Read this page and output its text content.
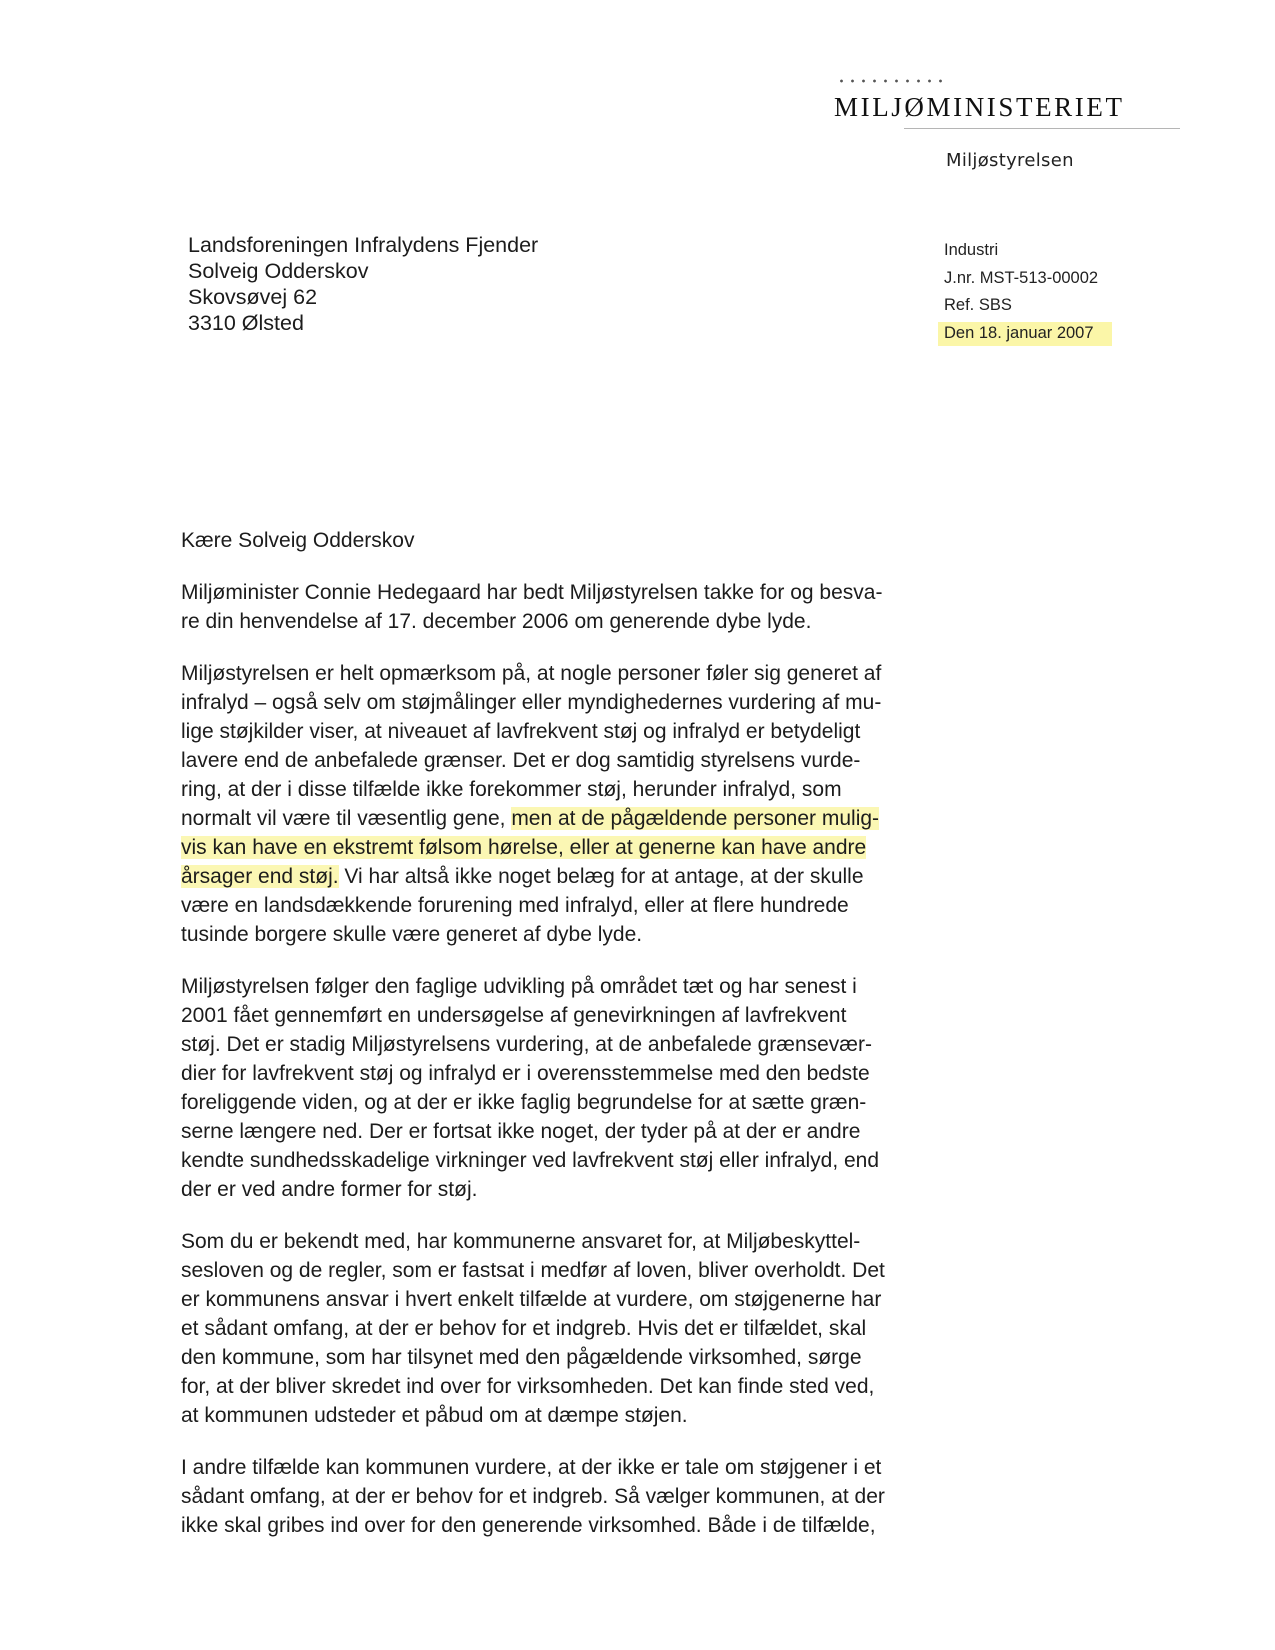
MILJØMINISTERIET
Miljøstyrelsen
Landsforeningen Infralydens Fjender
Solveig Odderskov
Skovsøvej 62
3310 Ølsted
Industri
J.nr. MST-513-00002
Ref. SBS
Den 18. januar 2007
Kære Solveig Odderskov
Miljøminister Connie Hedegaard har bedt Miljøstyrelsen takke for og besva-
re din henvendelse af 17. december 2006 om generende dybe lyde.
Miljøstyrelsen er helt opmærksom på, at nogle personer føler sig generet af
infralyd – også selv om støjmålinger eller myndighedernes vurdering af mu-
lige støjkilder viser, at niveauet af lavfrekvent støj og infralyd er betydeligt
lavere end de anbefalede grænser. Det er dog samtidig styrelsens vurde-
ring, at der i disse tilfælde ikke forekommer støj, herunder infralyd, som
normalt vil være til væsentlig gene, men at de pågældende personer mulig-
vis kan have en ekstremt følsom hørelse, eller at generne kan have andre
årsager end støj. Vi har altså ikke noget belæg for at antage, at der skulle
være en landsdækkende forurening med infralyd, eller at flere hundrede
tusinde borgere skulle være generet af dybe lyde.
Miljøstyrelsen følger den faglige udvikling på området tæt og har senest i
2001 fået gennemført en undersøgelse af genevirkningen af lavfrekvent
støj. Det er stadig Miljøstyrelsens vurdering, at de anbefalede grænsevær-
dier for lavfrekvent støj og infralyd er i overensstemmelse med den bedste
foreliggende viden, og at der er ikke faglig begrundelse for at sætte græn-
serne længere ned. Der er fortsat ikke noget, der tyder på at der er andre
kendte sundhedsskadelige virkninger ved lavfrekvent støj eller infralyd, end
der er ved andre former for støj.
Som du er bekendt med, har kommunerne ansvaret for, at Miljøbeskyttel-
sesloven og de regler, som er fastsat i medfør af loven, bliver overholdt. Det
er kommunens ansvar i hvert enkelt tilfælde at vurdere, om støjgenerne har
et sådant omfang, at der er behov for et indgreb. Hvis det er tilfældet, skal
den kommune, som har tilsynet med den pågældende virksomhed, sørge
for, at der bliver skredet ind over for virksomheden. Det kan finde sted ved,
at kommunen udsteder et påbud om at dæmpe støjen.
I andre tilfælde kan kommunen vurdere, at der ikke er tale om støjgener i et
sådant omfang, at der er behov for et indgreb. Så vælger kommunen, at der
ikke skal gribes ind over for den generende virksomhed. Både i de tilfælde,
